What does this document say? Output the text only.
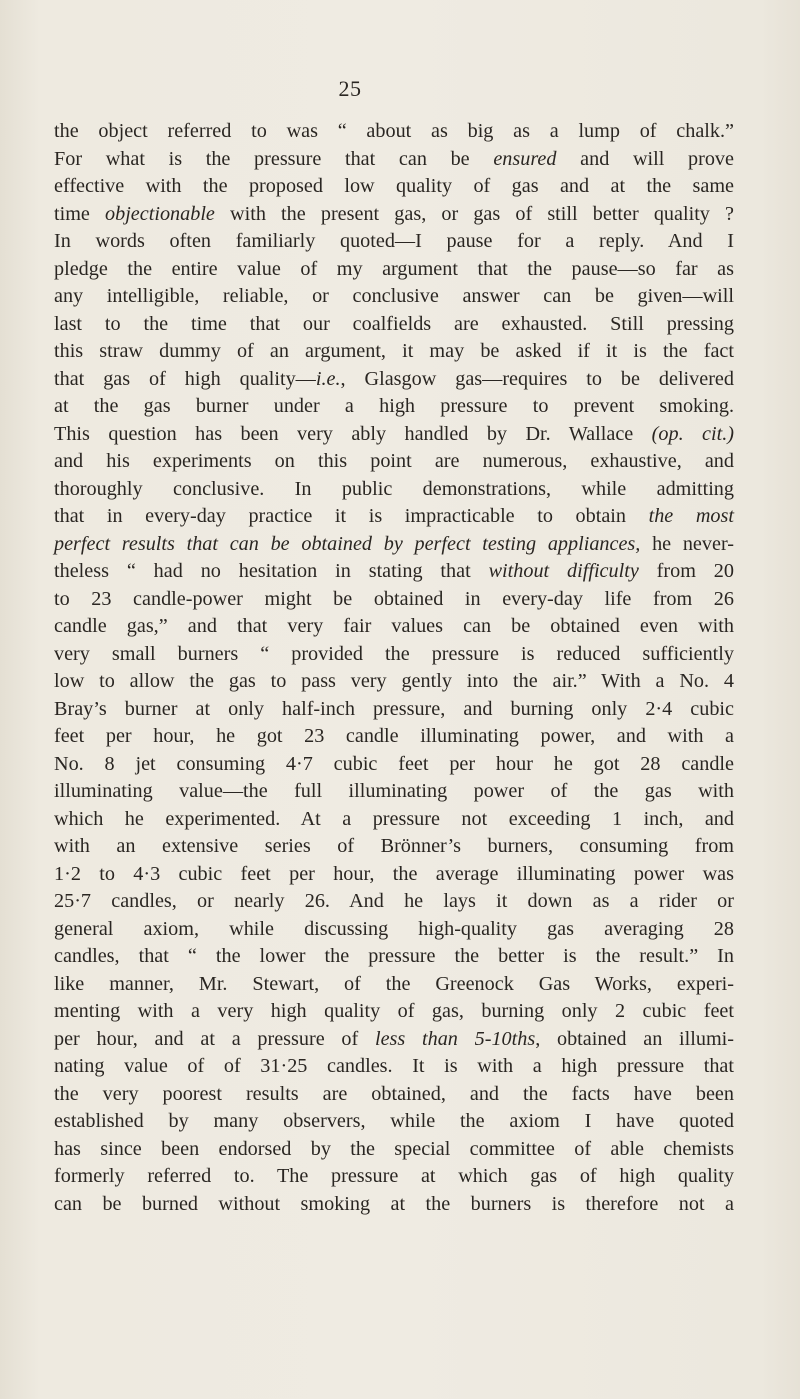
25
the object referred to was “ about as big as a lump of chalk.”
For what is the pressure that can be ensured and will prove
effective with the proposed low quality of gas and at the same
time objectionable with the present gas, or gas of still better quality ?
In words often familiarly quoted—I pause for a reply. And I
pledge the entire value of my argument that the pause—so far as
any intelligible, reliable, or conclusive answer can be given—will
last to the time that our coalfields are exhausted. Still pressing
this straw dummy of an argument, it may be asked if it is the fact
that gas of high quality—i.e., Glasgow gas—requires to be delivered
at the gas burner under a high pressure to prevent smoking.
This question has been very ably handled by Dr. Wallace (op. cit.)
and his experiments on this point are numerous, exhaustive, and
thoroughly conclusive. In public demonstrations, while admitting
that in every-day practice it is impracticable to obtain the most
perfect results that can be obtained by perfect testing appliances, he never-
theless “ had no hesitation in stating that without difficulty from 20
to 23 candle-power might be obtained in every-day life from 26
candle gas,” and that very fair values can be obtained even with
very small burners “ provided the pressure is reduced sufficiently
low to allow the gas to pass very gently into the air.” With a No. 4
Bray’s burner at only half-inch pressure, and burning only 2·4 cubic
feet per hour, he got 23 candle illuminating power, and with a
No. 8 jet consuming 4·7 cubic feet per hour he got 28 candle
illuminating value—the full illuminating power of the gas with
which he experimented. At a pressure not exceeding 1 inch, and
with an extensive series of Brönner’s burners, consuming from
1·2 to 4·3 cubic feet per hour, the average illuminating power was
25·7 candles, or nearly 26. And he lays it down as a rider or
general axiom, while discussing high-quality gas averaging 28
candles, that “ the lower the pressure the better is the result.” In
like manner, Mr. Stewart, of the Greenock Gas Works, experi-
menting with a very high quality of gas, burning only 2 cubic feet
per hour, and at a pressure of less than 5-10ths, obtained an illumi-
nating value of of 31·25 candles. It is with a high pressure that
the very poorest results are obtained, and the facts have been
established by many observers, while the axiom I have quoted
has since been endorsed by the special committee of able chemists
formerly referred to. The pressure at which gas of high quality
can be burned without smoking at the burners is therefore not a
